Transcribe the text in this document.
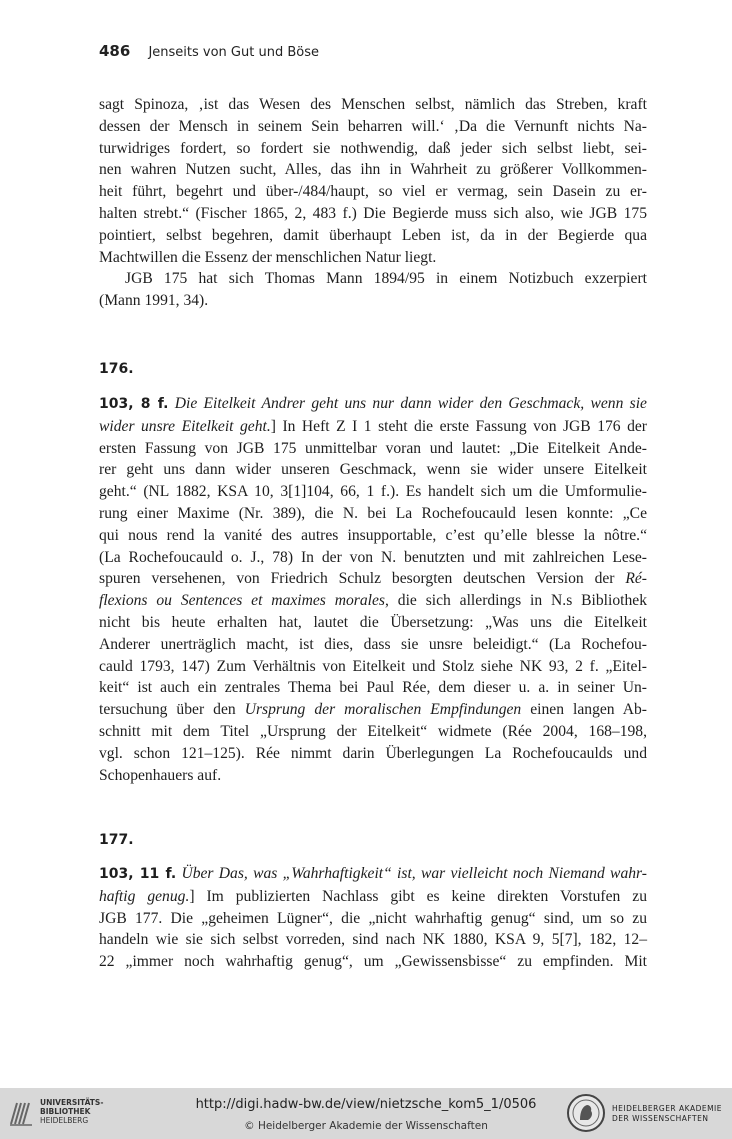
486 Jenseits von Gut und Böse
sagt Spinoza, ‚ist das Wesen des Menschen selbst, nämlich das Streben, kraft
dessen der Mensch in seinem Sein beharren will.‘ ‚Da die Vernunft nichts Na-
turwidriges fordert, so fordert sie nothwendig, daß jeder sich selbst liebt, sei-
nen wahren Nutzen sucht, Alles, das ihn in Wahrheit zu größerer Vollkommen-
heit führt, begehrt und über-/484/haupt, so viel er vermag, sein Dasein zu er-
halten strebt.“ (Fischer 1865, 2, 483 f.) Die Begierde muss sich also, wie JGB 175
pointiert, selbst begehren, damit überhaupt Leben ist, da in der Begierde qua
Machtwillen die Essenz der menschlichen Natur liegt.
JGB 175 hat sich Thomas Mann 1894/95 in einem Notizbuch exzerpiert
(Mann 1991, 34).
176.
103, 8 f. Die Eitelkeit Andrer geht uns nur dann wider den Geschmack, wenn sie
wider unsre Eitelkeit geht.] In Heft Z I 1 steht die erste Fassung von JGB 176 der
ersten Fassung von JGB 175 unmittelbar voran und lautet: „Die Eitelkeit Ande-
rer geht uns dann wider unseren Geschmack, wenn sie wider unsere Eitelkeit
geht.“ (NL 1882, KSA 10, 3[1]104, 66, 1 f.). Es handelt sich um die Umformulie-
rung einer Maxime (Nr. 389), die N. bei La Rochefoucauld lesen konnte: „Ce
qui nous rend la vanité des autres insupportable, c’est qu’elle blesse la nôtre.“
(La Rochefoucauld o. J., 78) In der von N. benutzten und mit zahlreichen Lese-
spuren versehenen, von Friedrich Schulz besorgten deutschen Version der Ré-
flexions ou Sentences et maximes morales, die sich allerdings in N.s Bibliothek
nicht bis heute erhalten hat, lautet die Übersetzung: „Was uns die Eitelkeit
Anderer unerträglich macht, ist dies, dass sie unsre beleidigt.“ (La Rochefou-
cauld 1793, 147) Zum Verhältnis von Eitelkeit und Stolz siehe NK 93, 2 f. „Eitel-
keit“ ist auch ein zentrales Thema bei Paul Rée, dem dieser u. a. in seiner Un-
tersuchung über den Ursprung der moralischen Empfindungen einen langen Ab-
schnitt mit dem Titel „Ursprung der Eitelkeit“ widmete (Rée 2004, 168–198,
vgl. schon 121–125). Rée nimmt darin Überlegungen La Rochefoucaulds und
Schopenhauers auf.
177.
103, 11 f. Über Das, was „Wahrhaftigkeit“ ist, war vielleicht noch Niemand wahr-
haftig genug.] Im publizierten Nachlass gibt es keine direkten Vorstufen zu
JGB 177. Die „geheimen Lügner“, die „nicht wahrhaftig genug“ sind, um so zu
handeln wie sie sich selbst vorreden, sind nach NK 1880, KSA 9, 5[7], 182, 12–
22 „immer noch wahrhaftig genug“, um „Gewissensbisse“ zu empfinden. Mit
UNIVERSITÄTS-
BIBLIOTHEK
HEIDELBERG
http://digi.hadw-bw.de/view/nietzsche_kom5_1/0506
© Heidelberger Akademie der Wissenschaften
HEIDELBERGER AKADEMIE
DER WISSENSCHAFTEN
